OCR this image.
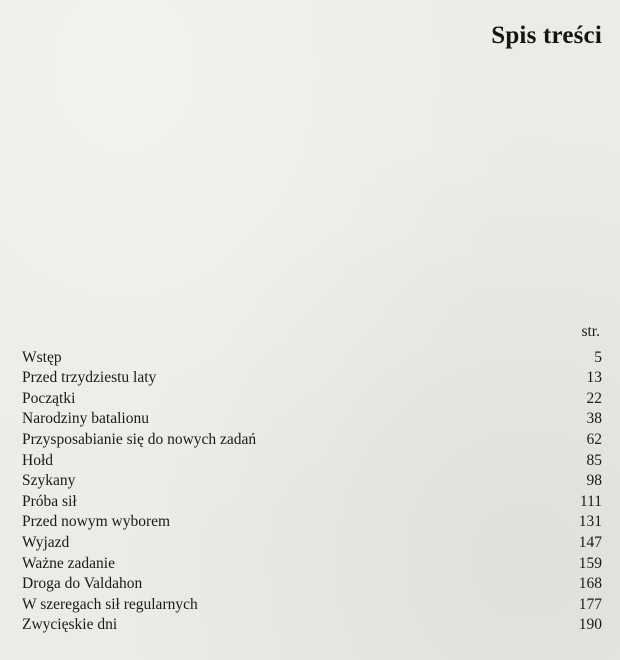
Spis treści
str.
Wstęp	5
Przed trzydziestu laty	13
Początki	22
Narodziny batalionu	38
Przysposabianie się do nowych zadań	62
Hołd	85
Szykany	98
Próba sił	111
Przed nowym wyborem	131
Wyjazd	147
Ważne zadanie	159
Droga do Valdahon	168
W szeregach sił regularnych	177
Zwycięskie dni	190
